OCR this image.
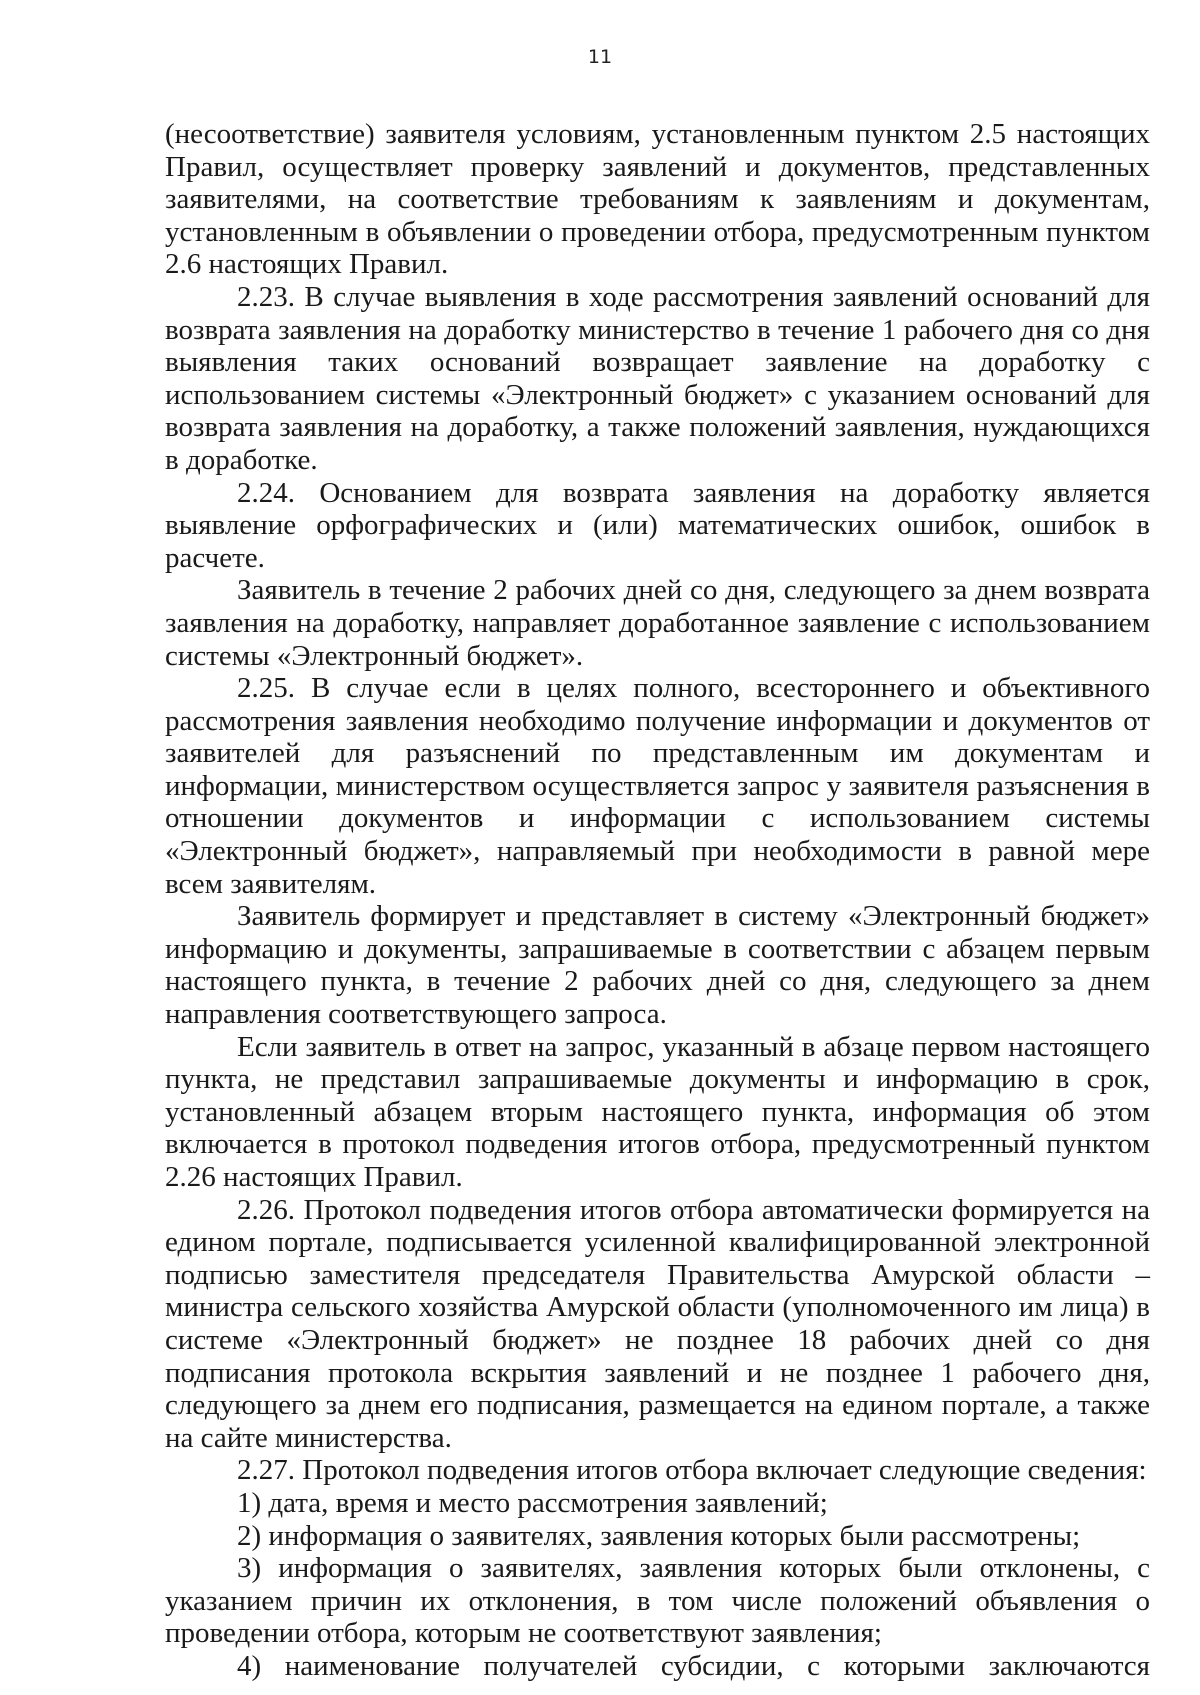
11

(несоответствие) заявителя условиям, установленным пунктом 2.5 настоящих Правил, осуществляет проверку заявлений и документов, представленных заявителями, на соответствие требованиям к заявлениям и документам, установленным в объявлении о проведении отбора, предусмотренным пунктом 2.6 настоящих Правил.

2.23. В случае выявления в ходе рассмотрения заявлений оснований для возврата заявления на доработку министерство в течение 1 рабочего дня со дня выявления таких оснований возвращает заявление на доработку с использованием системы «Электронный бюджет» с указанием оснований для возврата заявления на доработку, а также положений заявления, нуждающихся в доработке.

2.24. Основанием для возврата заявления на доработку является выявление орфографических и (или) математических ошибок, ошибок в расчете.

Заявитель в течение 2 рабочих дней со дня, следующего за днем возврата заявления на доработку, направляет доработанное заявление с использованием системы «Электронный бюджет».

2.25. В случае если в целях полного, всестороннего и объективного рассмотрения заявления необходимо получение информации и документов от заявителей для разъяснений по представленным им документам и информации, министерством осуществляется запрос у заявителя разъяснения в отношении документов и информации с использованием системы «Электронный бюджет», направляемый при необходимости в равной мере всем заявителям.

Заявитель формирует и представляет в систему «Электронный бюджет» информацию и документы, запрашиваемые в соответствии с абзацем первым настоящего пункта, в течение 2 рабочих дней со дня, следующего за днем направления соответствующего запроса.

Если заявитель в ответ на запрос, указанный в абзаце первом настоящего пункта, не представил запрашиваемые документы и информацию в срок, установленный абзацем вторым настоящего пункта, информация об этом включается в протокол подведения итогов отбора, предусмотренный пунктом 2.26 настоящих Правил.

2.26. Протокол подведения итогов отбора автоматически формируется на едином портале, подписывается усиленной квалифицированной электронной подписью заместителя председателя Правительства Амурской области – министра сельского хозяйства Амурской области (уполномоченного им лица) в системе «Электронный бюджет» не позднее 18 рабочих дней со дня подписания протокола вскрытия заявлений и не позднее 1 рабочего дня, следующего за днем его подписания, размещается на едином портале, а также на сайте министерства.

2.27. Протокол подведения итогов отбора включает следующие сведения:

1) дата, время и место рассмотрения заявлений;

2) информация о заявителях, заявления которых были рассмотрены;

3) информация о заявителях, заявления которых были отклонены, с указанием причин их отклонения, в том числе положений объявления о проведении отбора, которым не соответствуют заявления;

4) наименование получателей субсидии, с которыми заключаются
